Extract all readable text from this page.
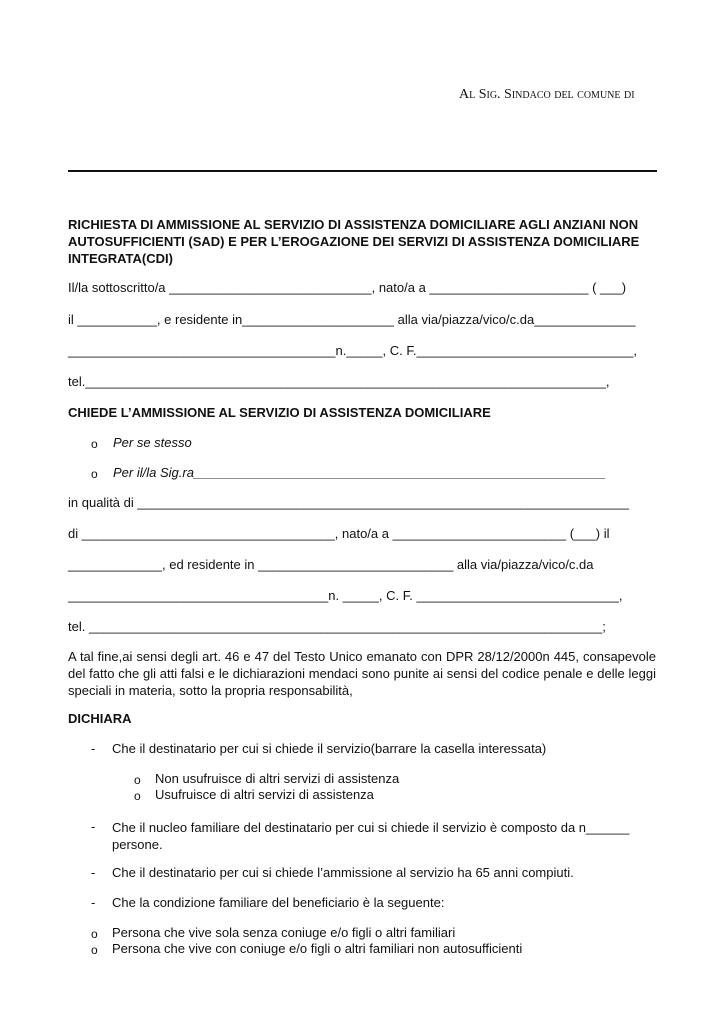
Al Sig. Sindaco del comune di
RICHIESTA DI AMMISSIONE AL SERVIZIO DI ASSISTENZA DOMICILIARE AGLI ANZIANI NON AUTOSUFFICIENTI (SAD) E PER L’EROGAZIONE DEI SERVIZI DI ASSISTENZA DOMICILIARE INTEGRATA(CDI)
Il/la sottoscritto/a ____________________________, nato/a a ______________________ ( ___)
il ___________, e residente in_____________________ alla via/piazza/vico/c.da______________
_____________________________________n._____, C. F.______________________________,
tel.________________________________________________________________________,
CHIEDE L’AMMISSIONE AL SERVIZIO DI ASSISTENZA DOMICILIARE
o Per se stesso
o Per il/la Sig.ra_________________________________________________________
in qualità di ____________________________________________________________________
di ___________________________________, nato/a a ________________________ (___) il
_____________, ed residente in ___________________________ alla via/piazza/vico/c.da
____________________________________n. _____, C. F. ____________________________,
tel. _______________________________________________________________________;
A tal fine,ai sensi degli art. 46 e 47 del Testo Unico emanato con DPR 28/12/2000n 445, consapevole del fatto che gli atti falsi e le dichiarazioni mendaci sono punite ai sensi del codice penale e delle leggi speciali in materia, sotto la propria responsabilità,
DICHIARA
- Che il destinatario per cui si chiede il servizio(barrare la casella interessata)
o Non usufruisce di altri servizi di assistenza
o Usufruisce di altri servizi di assistenza
- Che il nucleo familiare del destinatario per cui si chiede il servizio è composto da n______ persone.
- Che il destinatario per cui si chiede l’ammissione al servizio ha 65 anni compiuti.
- Che la condizione familiare del beneficiario è la seguente:
o Persona che vive sola senza coniuge e/o figli o altri familiari
o Persona che vive con coniuge e/o figli o altri familiari non autosufficienti
